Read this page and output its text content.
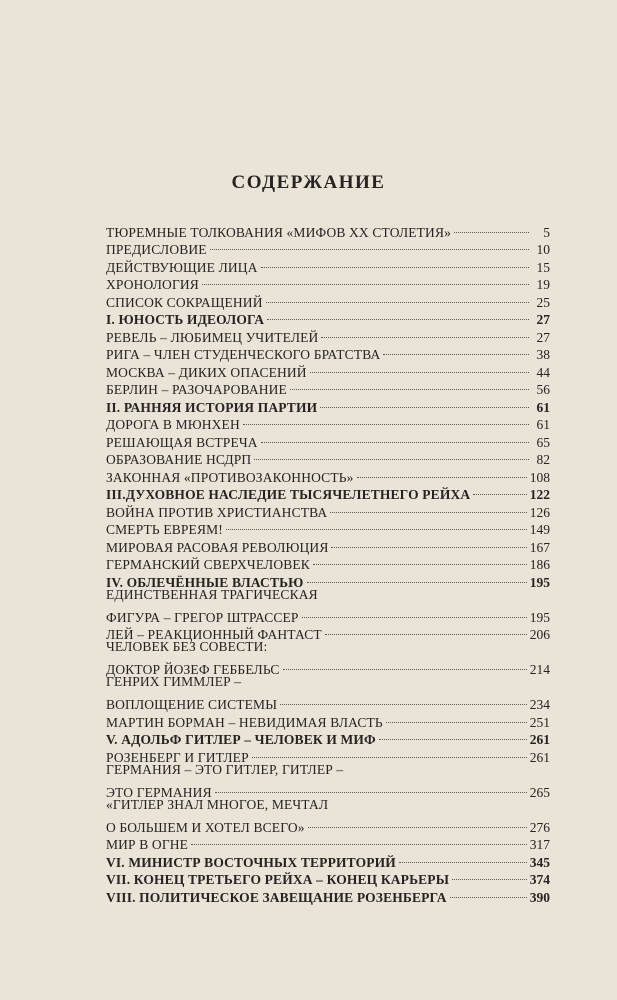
СОДЕРЖАНИЕ
ТЮРЕМНЫЕ ТОЛКОВАНИЯ «МИФОВ XX СТОЛЕТИЯ»	5
ПРЕДИСЛОВИЕ	10
ДЕЙСТВУЮЩИЕ ЛИЦА	15
ХРОНОЛОГИЯ	19
СПИСОК СОКРАЩЕНИЙ	25
I. ЮНОСТЬ ИДЕОЛОГА	27
РЕВЕЛЬ – ЛЮБИМЕЦ УЧИТЕЛЕЙ	27
РИГА – ЧЛЕН СТУДЕНЧЕСКОГО БРАТСТВА	38
МОСКВА – ДИКИХ ОПАСЕНИЙ	44
БЕРЛИН – РАЗОЧАРОВАНИЕ	56
II. РАННЯЯ ИСТОРИЯ ПАРТИИ	61
ДОРОГА В МЮНХЕН	61
РЕШАЮЩАЯ ВСТРЕЧА	65
ОБРАЗОВАНИЕ НСДРП	82
ЗАКОННАЯ «ПРОТИВОЗАКОННОСТЬ»	108
III.ДУХОВНОЕ НАСЛЕДИЕ ТЫСЯЧЕЛЕТНЕГО РЕЙХА	122
ВОЙНА ПРОТИВ ХРИСТИАНСТВА	126
СМЕРТЬ ЕВРЕЯМ!	149
МИРОВАЯ РАСОВАЯ РЕВОЛЮЦИЯ	167
ГЕРМАНСКИЙ СВЕРХЧЕЛОВЕК	186
IV. ОБЛЕЧЁННЫЕ ВЛАСТЬЮ	195
ЕДИНСТВЕННАЯ ТРАГИЧЕСКАЯ
ФИГУРА – ГРЕГОР ШТРАССЕР	195
ЛЕЙ – РЕАКЦИОННЫЙ ФАНТАСТ	206
ЧЕЛОВЕК БЕЗ СОВЕСТИ:
ДОКТОР ЙОЗЕФ ГЕББЕЛЬС	214
ГЕНРИХ ГИММЛЕР –
ВОПЛОЩЕНИЕ СИСТЕМЫ	234
МАРТИН БОРМАН – НЕВИДИМАЯ ВЛАСТЬ	251
V. АДОЛЬФ ГИТЛЕР – ЧЕЛОВЕК И МИФ	261
РОЗЕНБЕРГ И ГИТЛЕР	261
ГЕРМАНИЯ – ЭТО ГИТЛЕР, ГИТЛЕР –
ЭТО ГЕРМАНИЯ	265
«ГИТЛЕР ЗНАЛ МНОГОЕ, МЕЧТАЛ
О БОЛЬШЕМ И ХОТЕЛ ВСЕГО»	276
МИР В ОГНЕ	317
VI. МИНИСТР ВОСТОЧНЫХ ТЕРРИТОРИЙ	345
VII. КОНЕЦ ТРЕТЬЕГО РЕЙХА – КОНЕЦ КАРЬЕРЫ	374
VIII. ПОЛИТИЧЕСКОЕ ЗАВЕЩАНИЕ РОЗЕНБЕРГА	390
